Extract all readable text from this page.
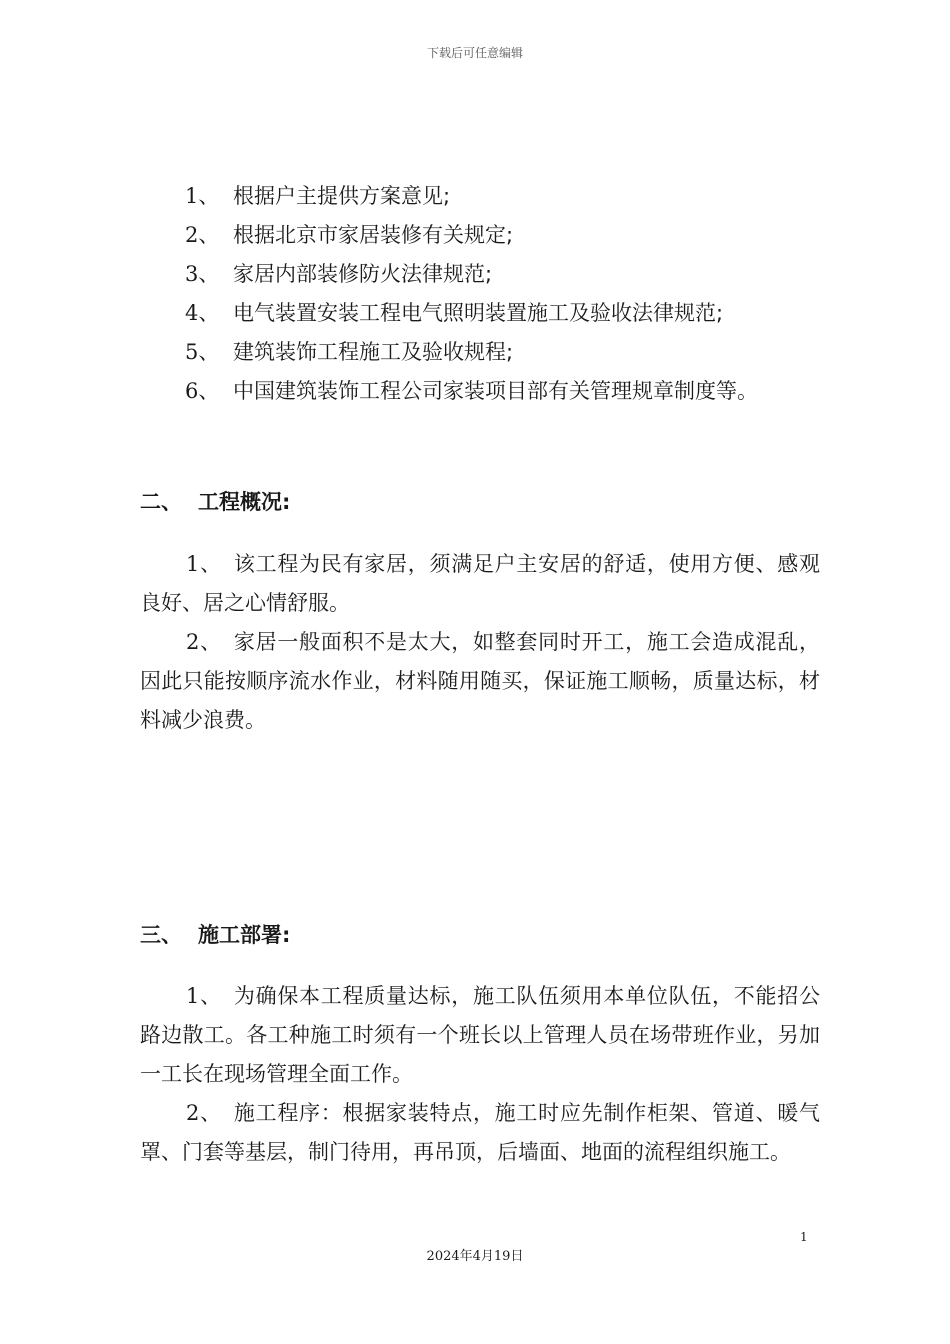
下载后可任意编辑
1、 根据户主提供方案意见;
2、 根据北京市家居装修有关规定;
3、 家居内部装修防火法律规范;
4、 电气装置安装工程电气照明装置施工及验收法律规范;
5、 建筑装饰工程施工及验收规程;
6、 中国建筑装饰工程公司家装项目部有关管理规章制度等。
二、 工程概况:
1、 该工程为民有家居，须满足户主安居的舒适，使用方便、感观良好、居之心情舒服。
2、 家居一般面积不是太大，如整套同时开工，施工会造成混乱，因此只能按顺序流水作业，材料随用随买，保证施工顺畅，质量达标，材料减少浪费。
三、 施工部署:
1、 为确保本工程质量达标，施工队伍须用本单位队伍，不能招公路边散工。各工种施工时须有一个班长以上管理人员在场带班作业，另加一工长在现场管理全面工作。
2、 施工程序：根据家装特点，施工时应先制作柜架、管道、暖气罩、门套等基层，制门待用，再吊顶，后墙面、地面的流程组织施工。
1
2024年4月19日
